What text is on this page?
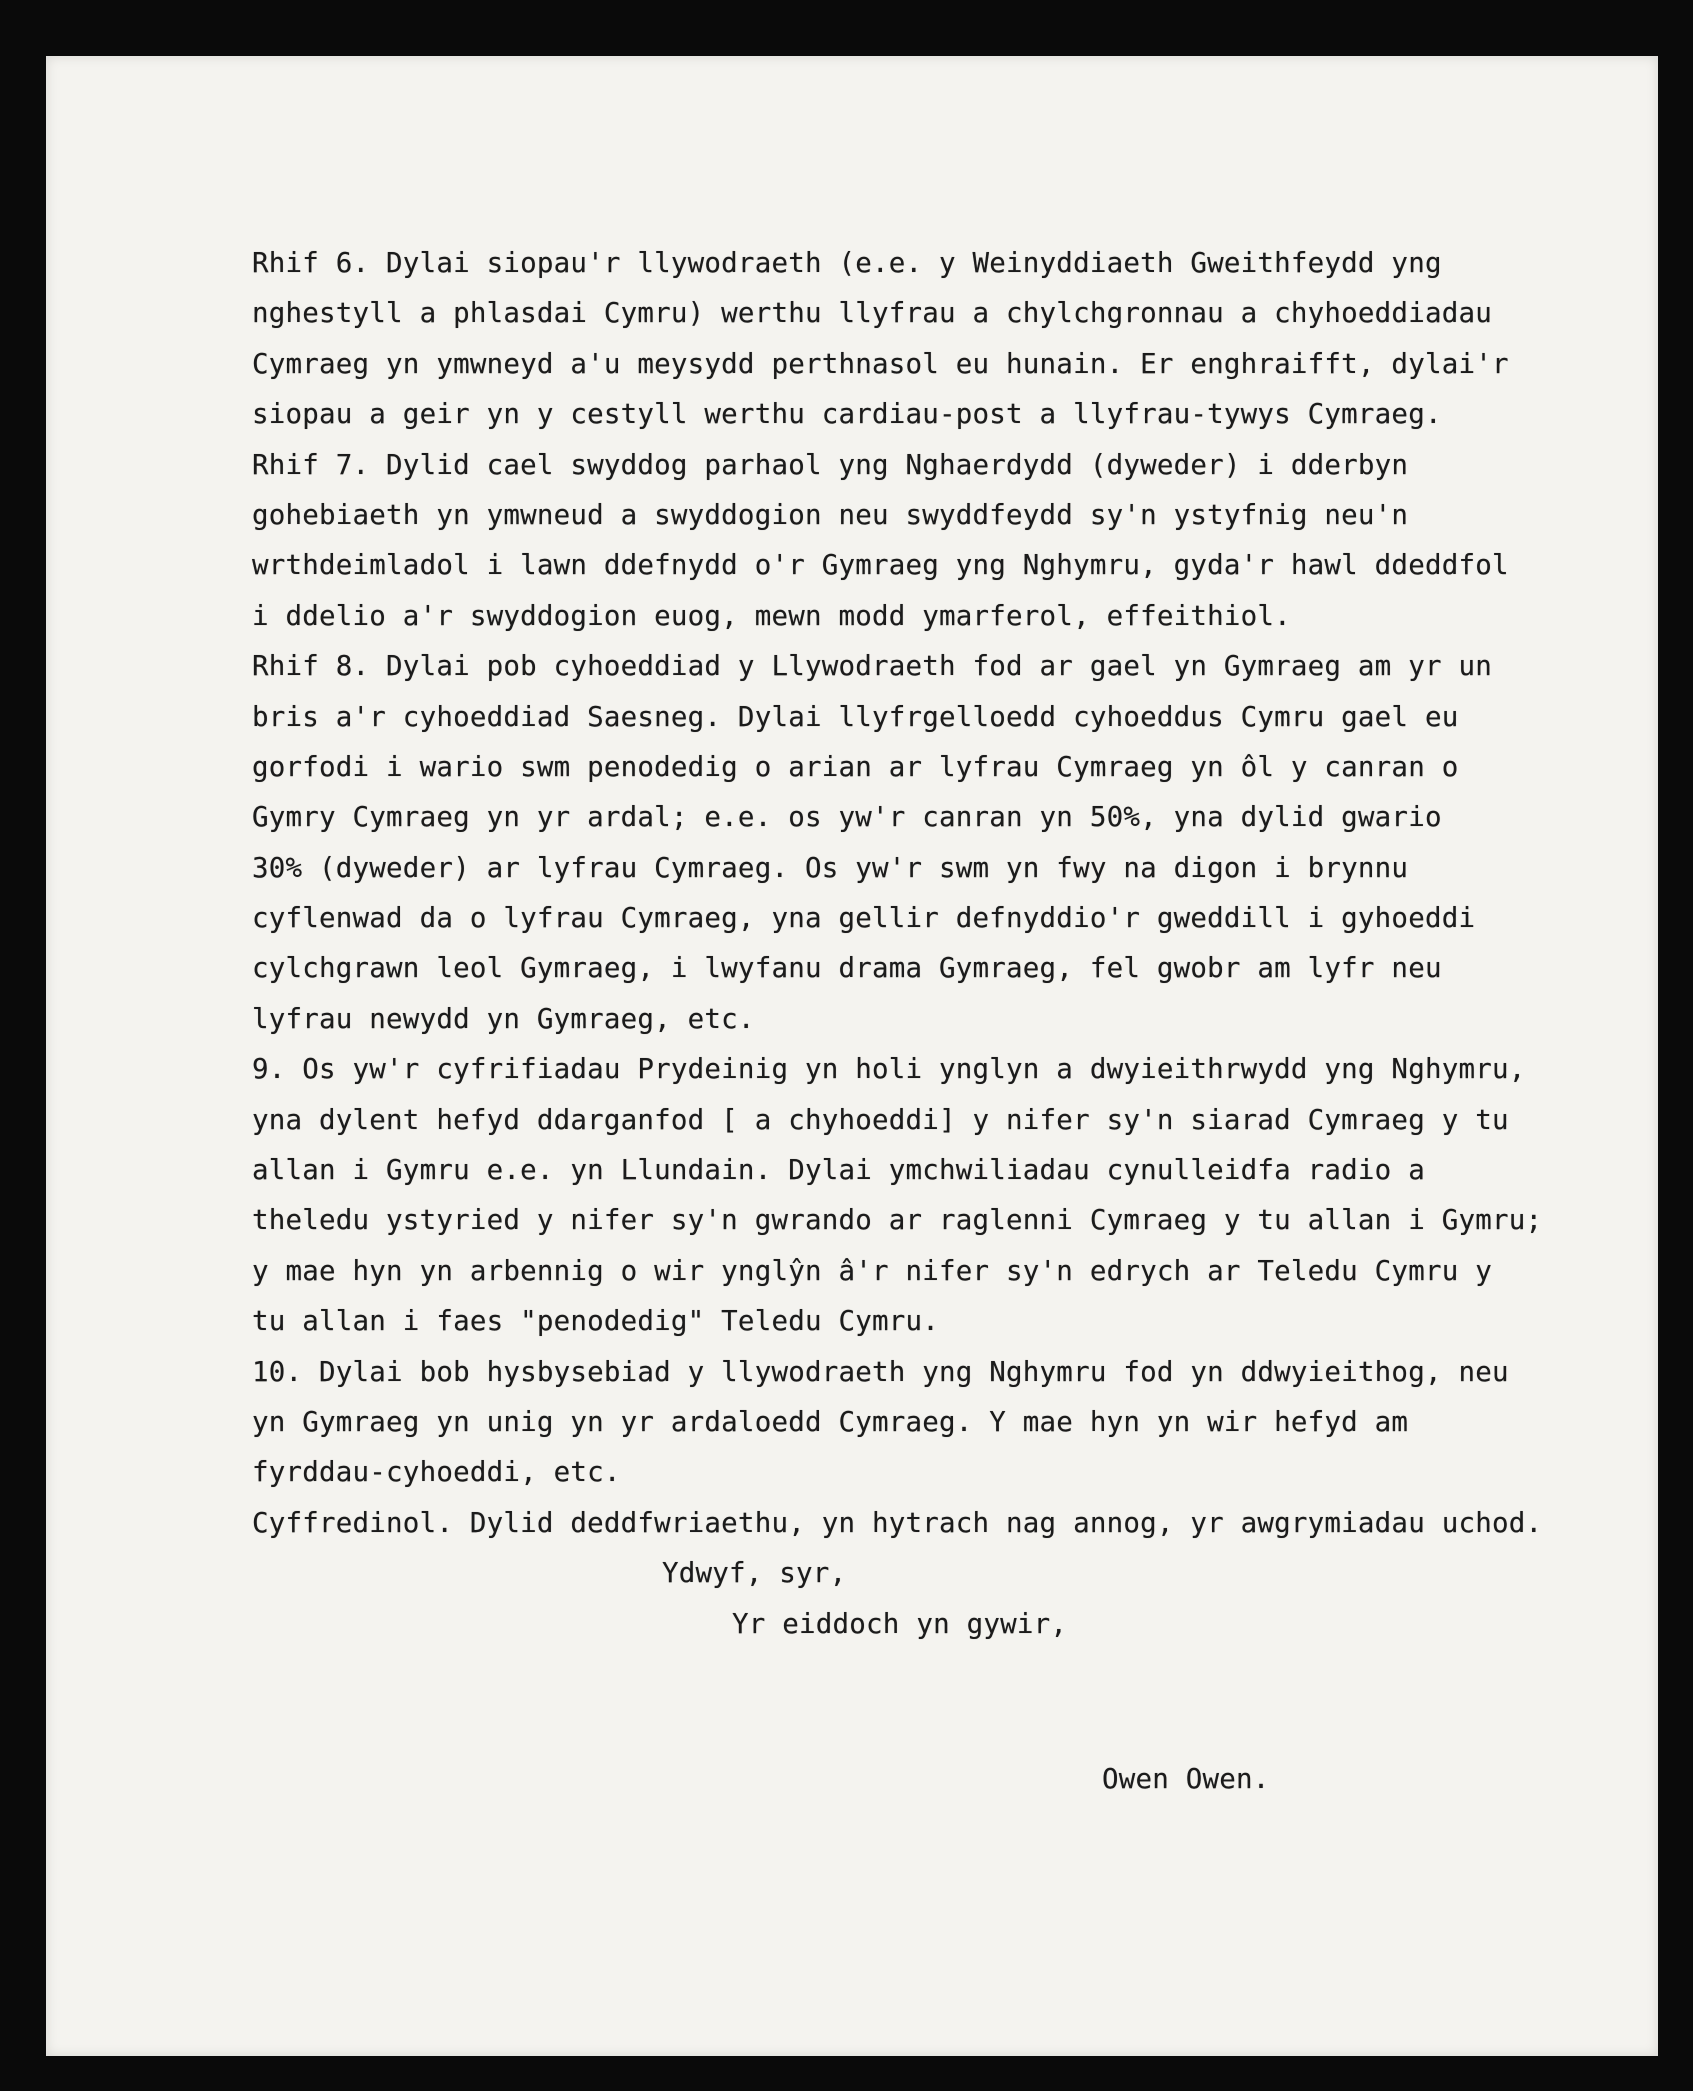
Rhif 6. Dylai siopau'r llywodraeth (e.e. y Weinyddiaeth Gweithfeydd yng
nghestyll a phlasdai Cymru) werthu llyfrau a chylchgronnau a chyhoeddiadau
Cymraeg yn ymwneyd a'u meysydd perthnasol eu hunain. Er enghraifft, dylai'r
siopau a geir yn y cestyll werthu cardiau-post a llyfrau-tywys Cymraeg.
Rhif 7. Dylid cael swyddog parhaol yng Nghaerdydd (dyweder) i dderbyn
gohebiaeth yn ymwneud a swyddogion neu swyddfeydd sy'n ystyfnig neu'n
wrthdeimladol i lawn ddefnydd o'r Gymraeg yng Nghymru, gyda'r hawl ddeddfol
i ddelio a'r swyddogion euog, mewn modd ymarferol, effeithiol.
Rhif 8. Dylai pob cyhoeddiad y Llywodraeth fod ar gael yn Gymraeg am yr un
bris a'r cyhoeddiad Saesneg. Dylai llyfrgelloedd cyhoeddus Cymru gael eu
gorfodi i wario swm penodedig o arian ar lyfrau Cymraeg yn ôl y canran o
Gymry Cymraeg yn yr ardal; e.e. os yw'r canran yn 50%, yna dylid gwario
30% (dyweder) ar lyfrau Cymraeg. Os yw'r swm yn fwy na digon i brynnu
cyflenwad da o lyfrau Cymraeg, yna gellir defnyddio'r gweddill i gyhoeddi
cylchgrawn leol Gymraeg, i lwyfanu drama Gymraeg, fel gwobr am lyfr neu
lyfrau newydd yn Gymraeg, etc.
9. Os yw'r cyfrifiadau Prydeinig yn holi ynglyn a dwyieithrwydd yng Nghymru,
yna dylent hefyd ddarganfod [ a chyhoeddi] y nifer sy'n siarad Cymraeg y tu
allan i Gymru e.e. yn Llundain. Dylai ymchwiliadau cynulleidfa radio a
theledu ystyried y nifer sy'n gwrando ar raglenni Cymraeg y tu allan i Gymru;
y mae hyn yn arbennig o wir ynglŷn â'r nifer sy'n edrych ar Teledu Cymru y
tu allan i faes "penodedig" Teledu Cymru.
10. Dylai bob hysbysebiad y llywodraeth yng Nghymru fod yn ddwyieithog, neu
yn Gymraeg yn unig yn yr ardaloedd Cymraeg. Y mae hyn yn wir hefyd am
fyrddau-cyhoeddi, etc.
Cyffredinol. Dylid deddfwriaethu, yn hytrach nag annog, yr awgrymiadau uchod.
Ydwyf, syr,
Yr eiddoch yn gywir,
Owen Owen.
